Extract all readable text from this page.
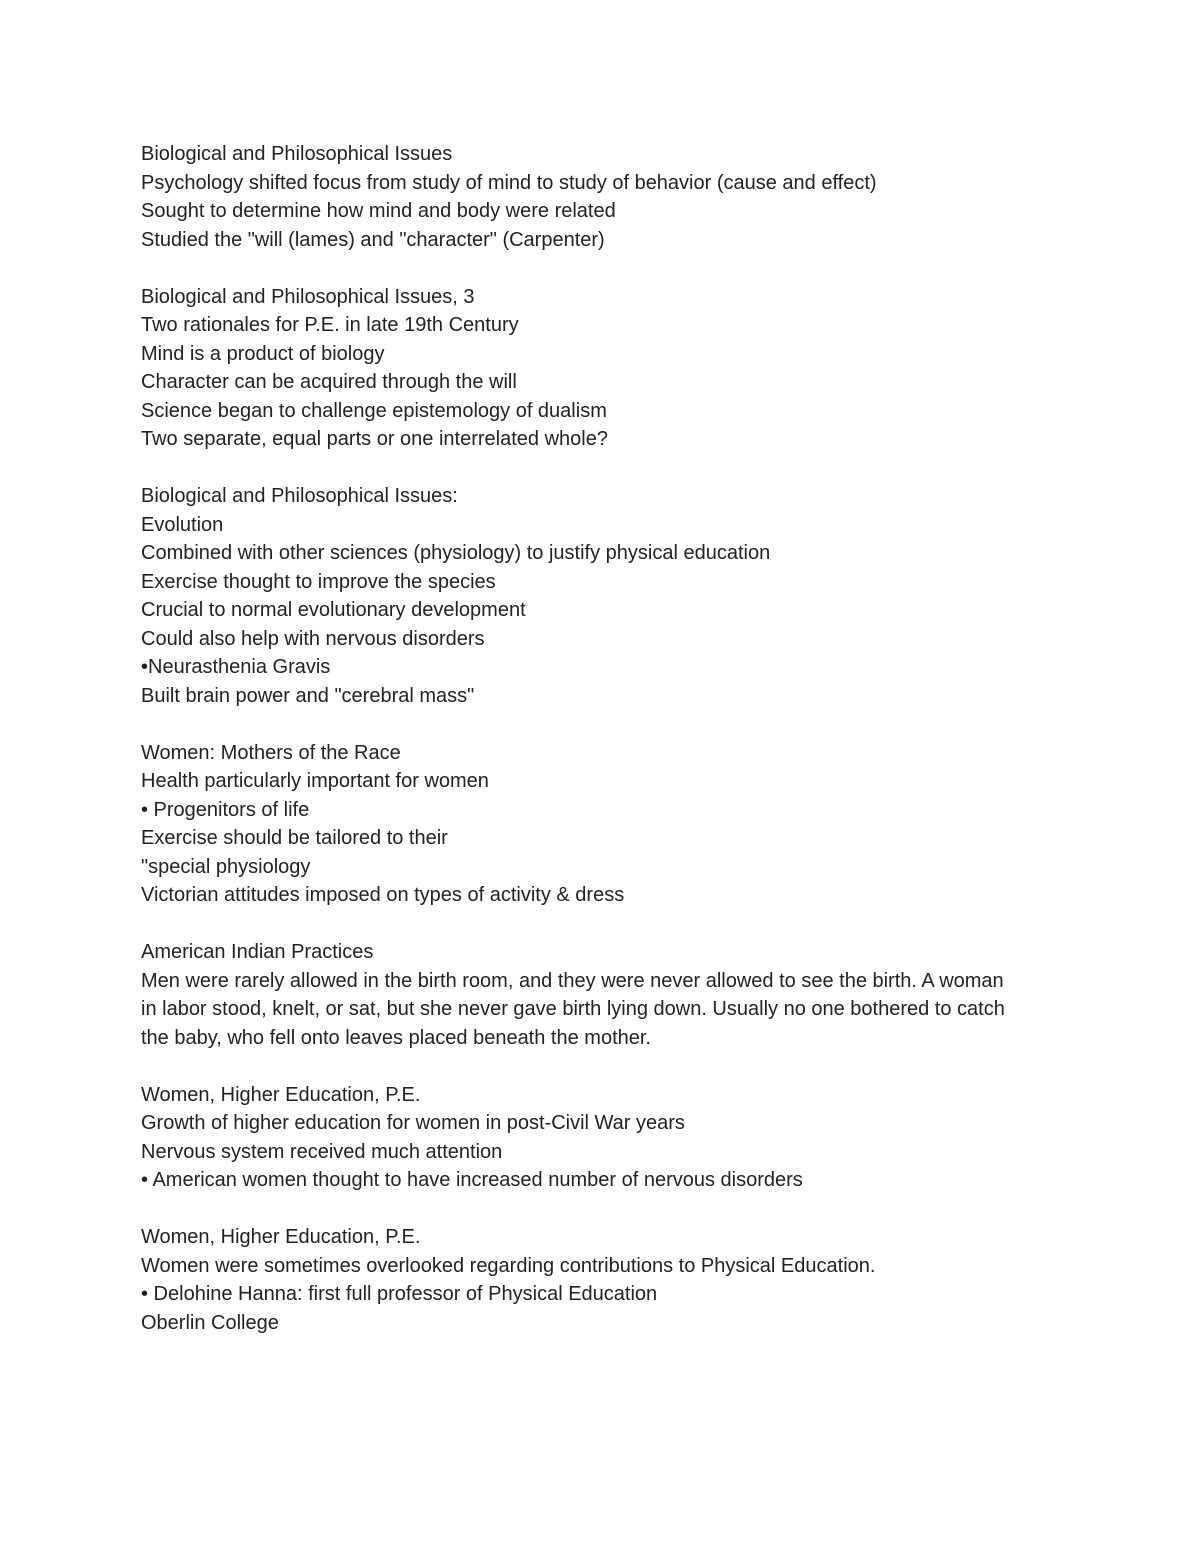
Biological and Philosophical Issues
Psychology shifted focus from study of mind to study of behavior (cause and effect)
Sought to determine how mind and body were related
Studied the "will (lames) and "character" (Carpenter)
Biological and Philosophical Issues, 3
Two rationales for P.E. in late 19th Century
Mind is a product of biology
Character can be acquired through the will
Science began to challenge epistemology of dualism
Two separate, equal parts or one interrelated whole?
Biological and Philosophical Issues:
Evolution
Combined with other sciences (physiology) to justify physical education
Exercise thought to improve the species
Crucial to normal evolutionary development
Could also help with nervous disorders
•Neurasthenia Gravis
Built brain power and "cerebral mass"
Women: Mothers of the Race
Health particularly important for women
• Progenitors of life
Exercise should be tailored to their
"special physiology
Victorian attitudes imposed on types of activity & dress
American Indian Practices
Men were rarely allowed in the birth room, and they were never allowed to see the birth. A woman in labor stood, knelt, or sat, but she never gave birth lying down. Usually no one bothered to catch the baby, who fell onto leaves placed beneath the mother.
Women, Higher Education, P.E.
Growth of higher education for women in post-Civil War years
Nervous system received much attention
• American women thought to have increased number of nervous disorders
Women, Higher Education, P.E.
Women were sometimes overlooked regarding contributions to Physical Education.
• Delohine Hanna: first full professor of Physical Education
Oberlin College
